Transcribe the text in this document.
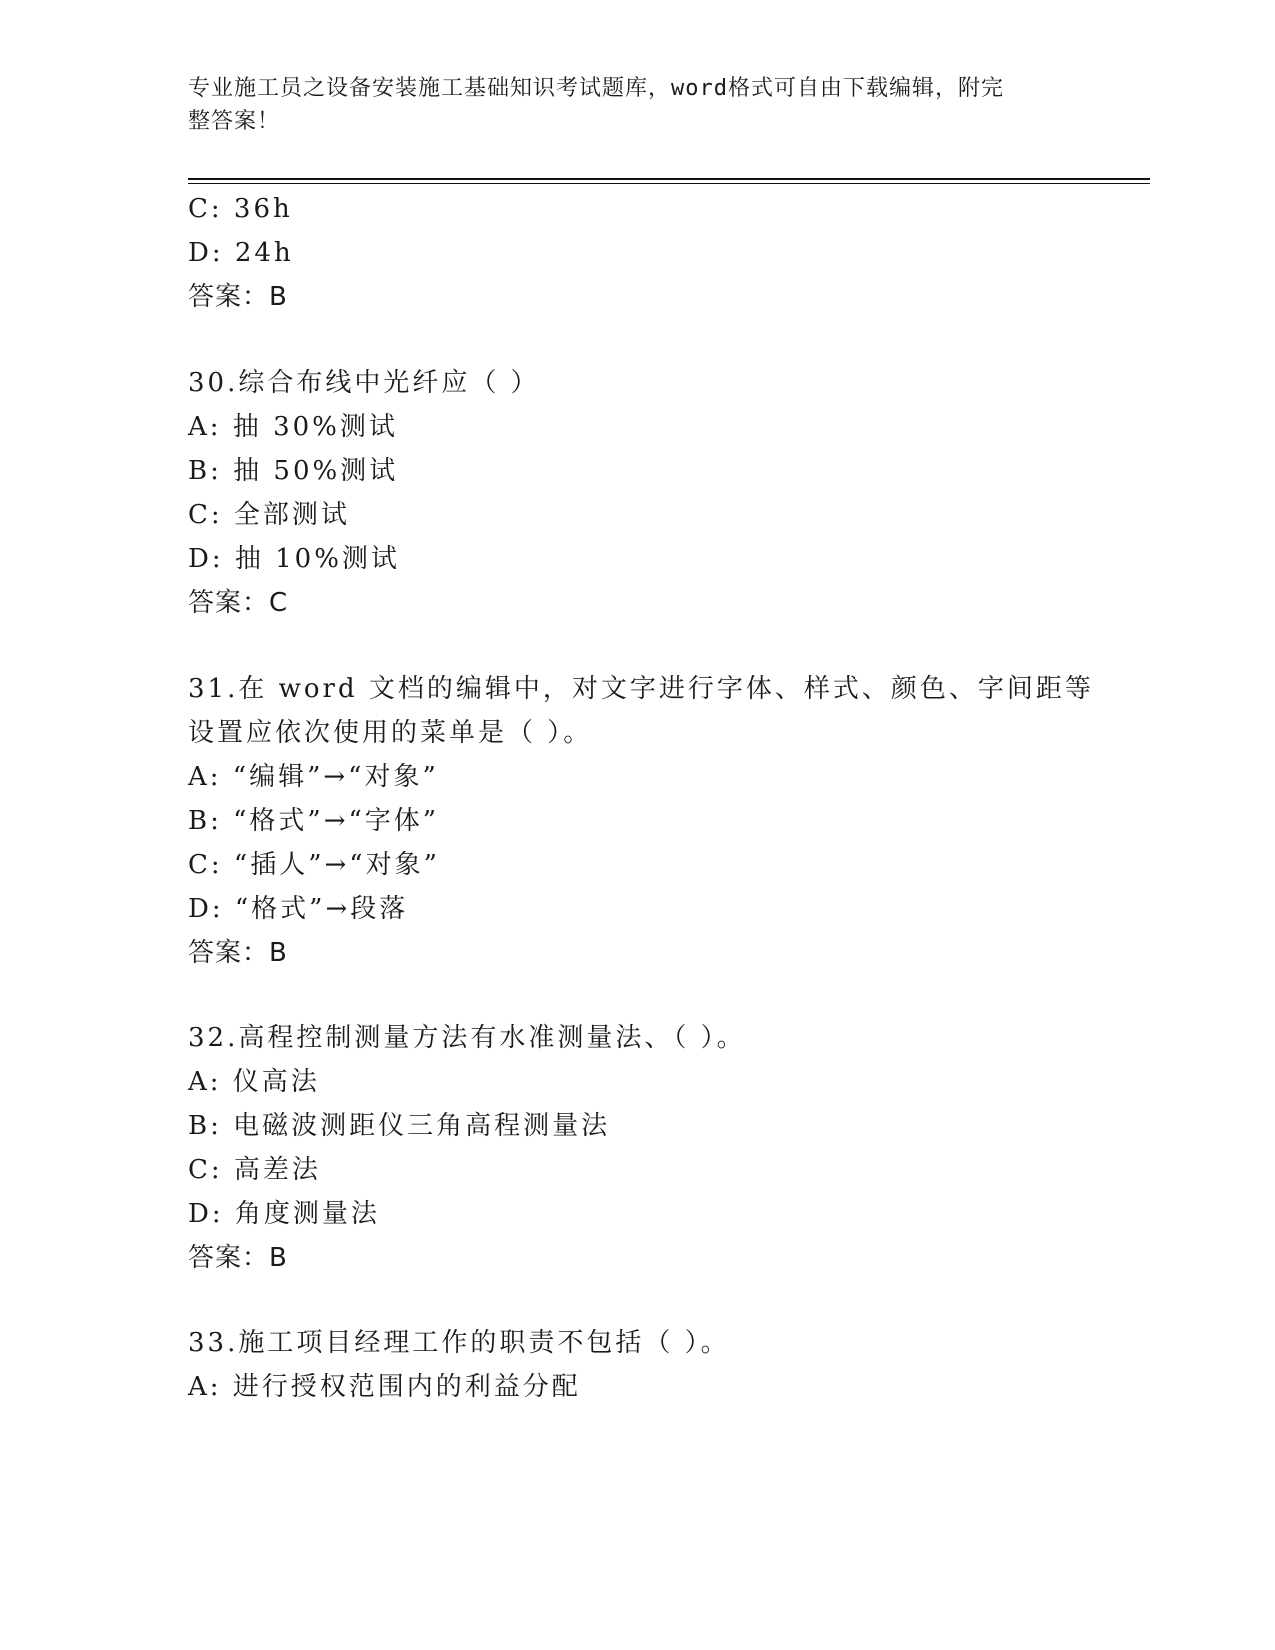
专业施工员之设备安装施工基础知识考试题库，word格式可自由下载编辑，附完
整答案！
C: 36h
D: 24h
答案：B
30.综合布线中光纤应（ ）
A: 抽 30%测试
B: 抽 50%测试
C: 全部测试
D: 抽 10%测试
答案：C
31.在 word 文档的编辑中，对文字进行字体、样式、颜色、字间距等
设置应依次使用的菜单是（ ）。
A: “编辑”→“对象”
B: “格式”→“字体”
C: “插人”→“对象”
D: “格式”→段落
答案：B
32.高程控制测量方法有水准测量法、（ ）。
A: 仪高法
B: 电磁波测距仪三角高程测量法
C: 高差法
D: 角度测量法
答案：B
33.施工项目经理工作的职责不包括（ ）。
A: 进行授权范围内的利益分配
